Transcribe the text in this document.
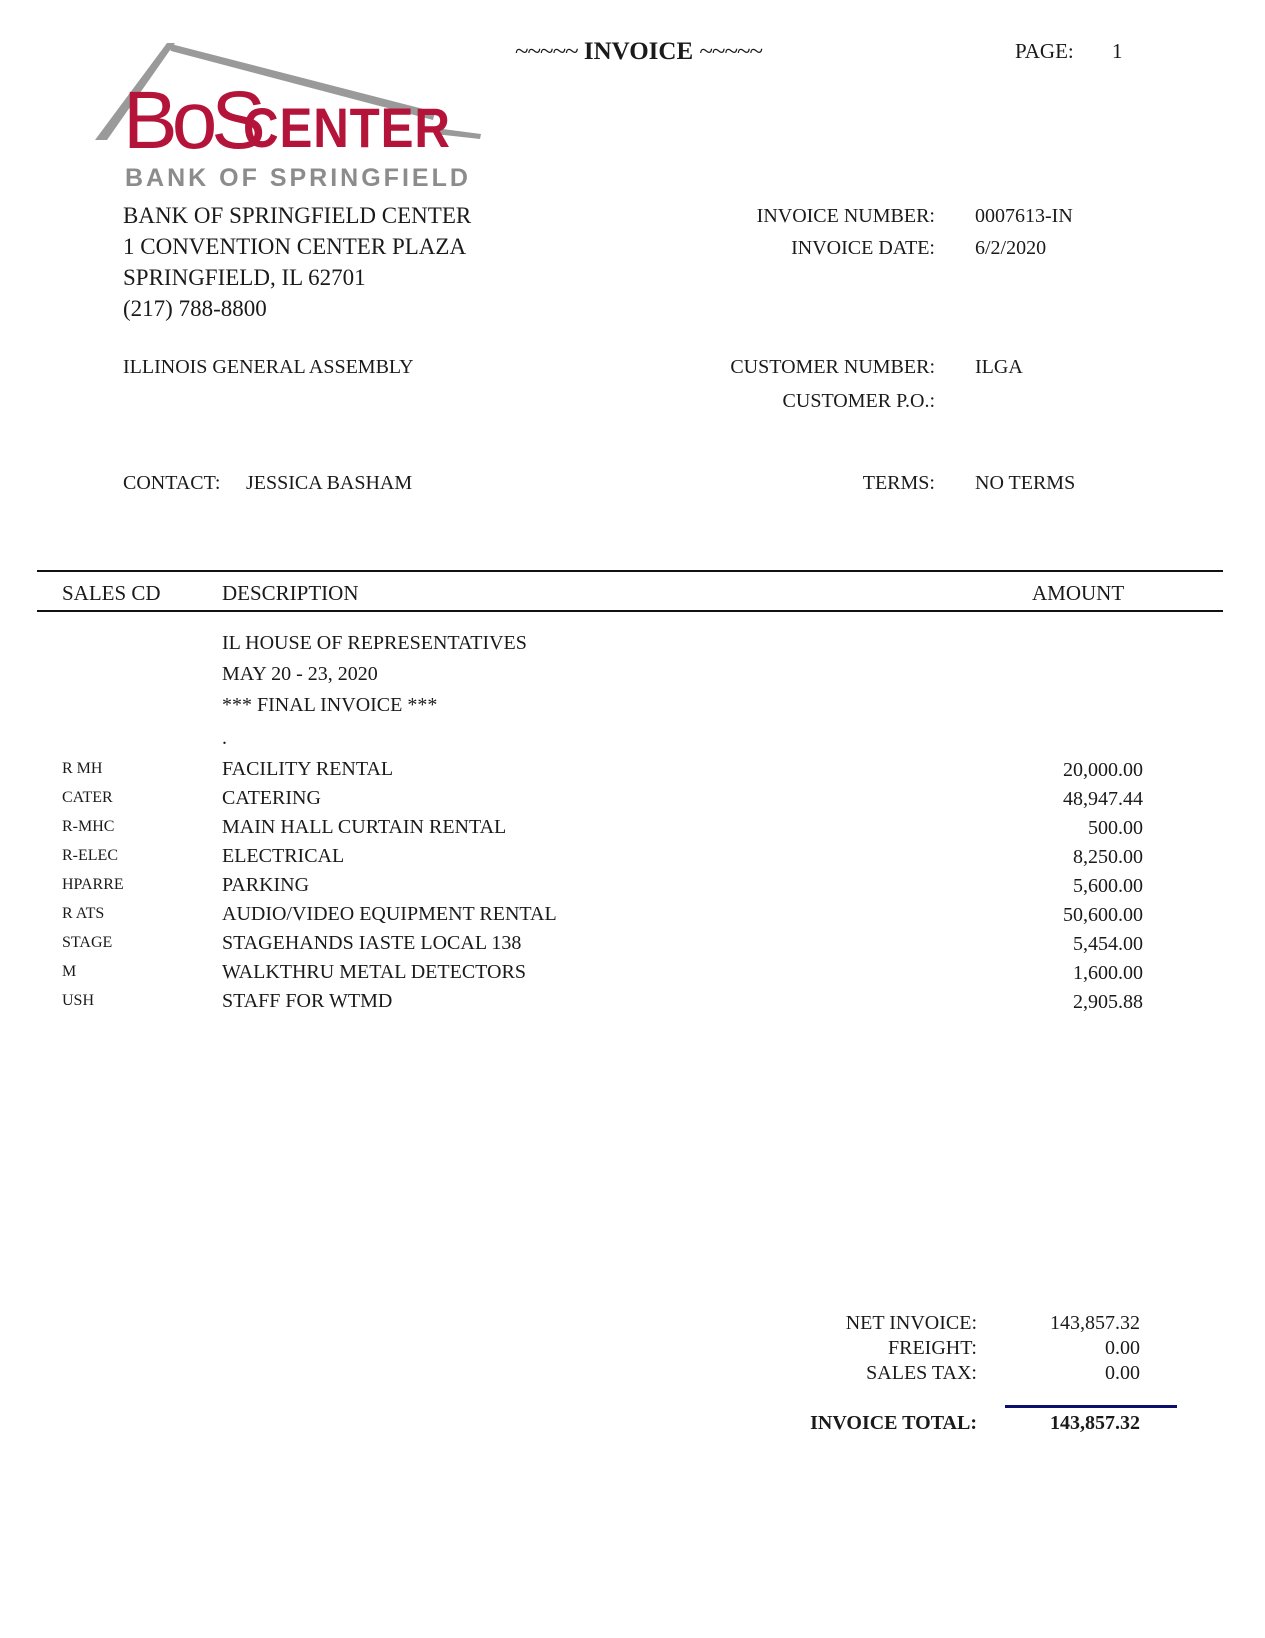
BoS
CENTER
BANK OF SPRINGFIELD
~~~~~ INVOICE ~~~~~	PAGE: 1
BANK OF SPRINGFIELD CENTER
1 CONVENTION CENTER PLAZA
SPRINGFIELD, IL 62701
(217) 788-8800
INVOICE NUMBER: 0007613-IN
INVOICE DATE: 6/2/2020
ILLINOIS GENERAL ASSEMBLY	CUSTOMER NUMBER: ILGA
CUSTOMER P.O.:
CONTACT: JESSICA BASHAM	TERMS: NO TERMS
SALES CD	DESCRIPTION	AMOUNT
IL HOUSE OF REPRESENTATIVES
MAY 20 - 23, 2020
*** FINAL INVOICE ***
.
R MH	FACILITY RENTAL	20,000.00
CATER	CATERING	48,947.44
R-MHC	MAIN HALL CURTAIN RENTAL	500.00
R-ELEC	ELECTRICAL	8,250.00
HPARRE	PARKING	5,600.00
R ATS	AUDIO/VIDEO EQUIPMENT RENTAL	50,600.00
STAGE	STAGEHANDS IASTE LOCAL 138	5,454.00
M	WALKTHRU METAL DETECTORS	1,600.00
USH	STAFF FOR WTMD	2,905.88
NET INVOICE:	143,857.32
FREIGHT:	0.00
SALES TAX:	0.00
INVOICE TOTAL:	143,857.32
